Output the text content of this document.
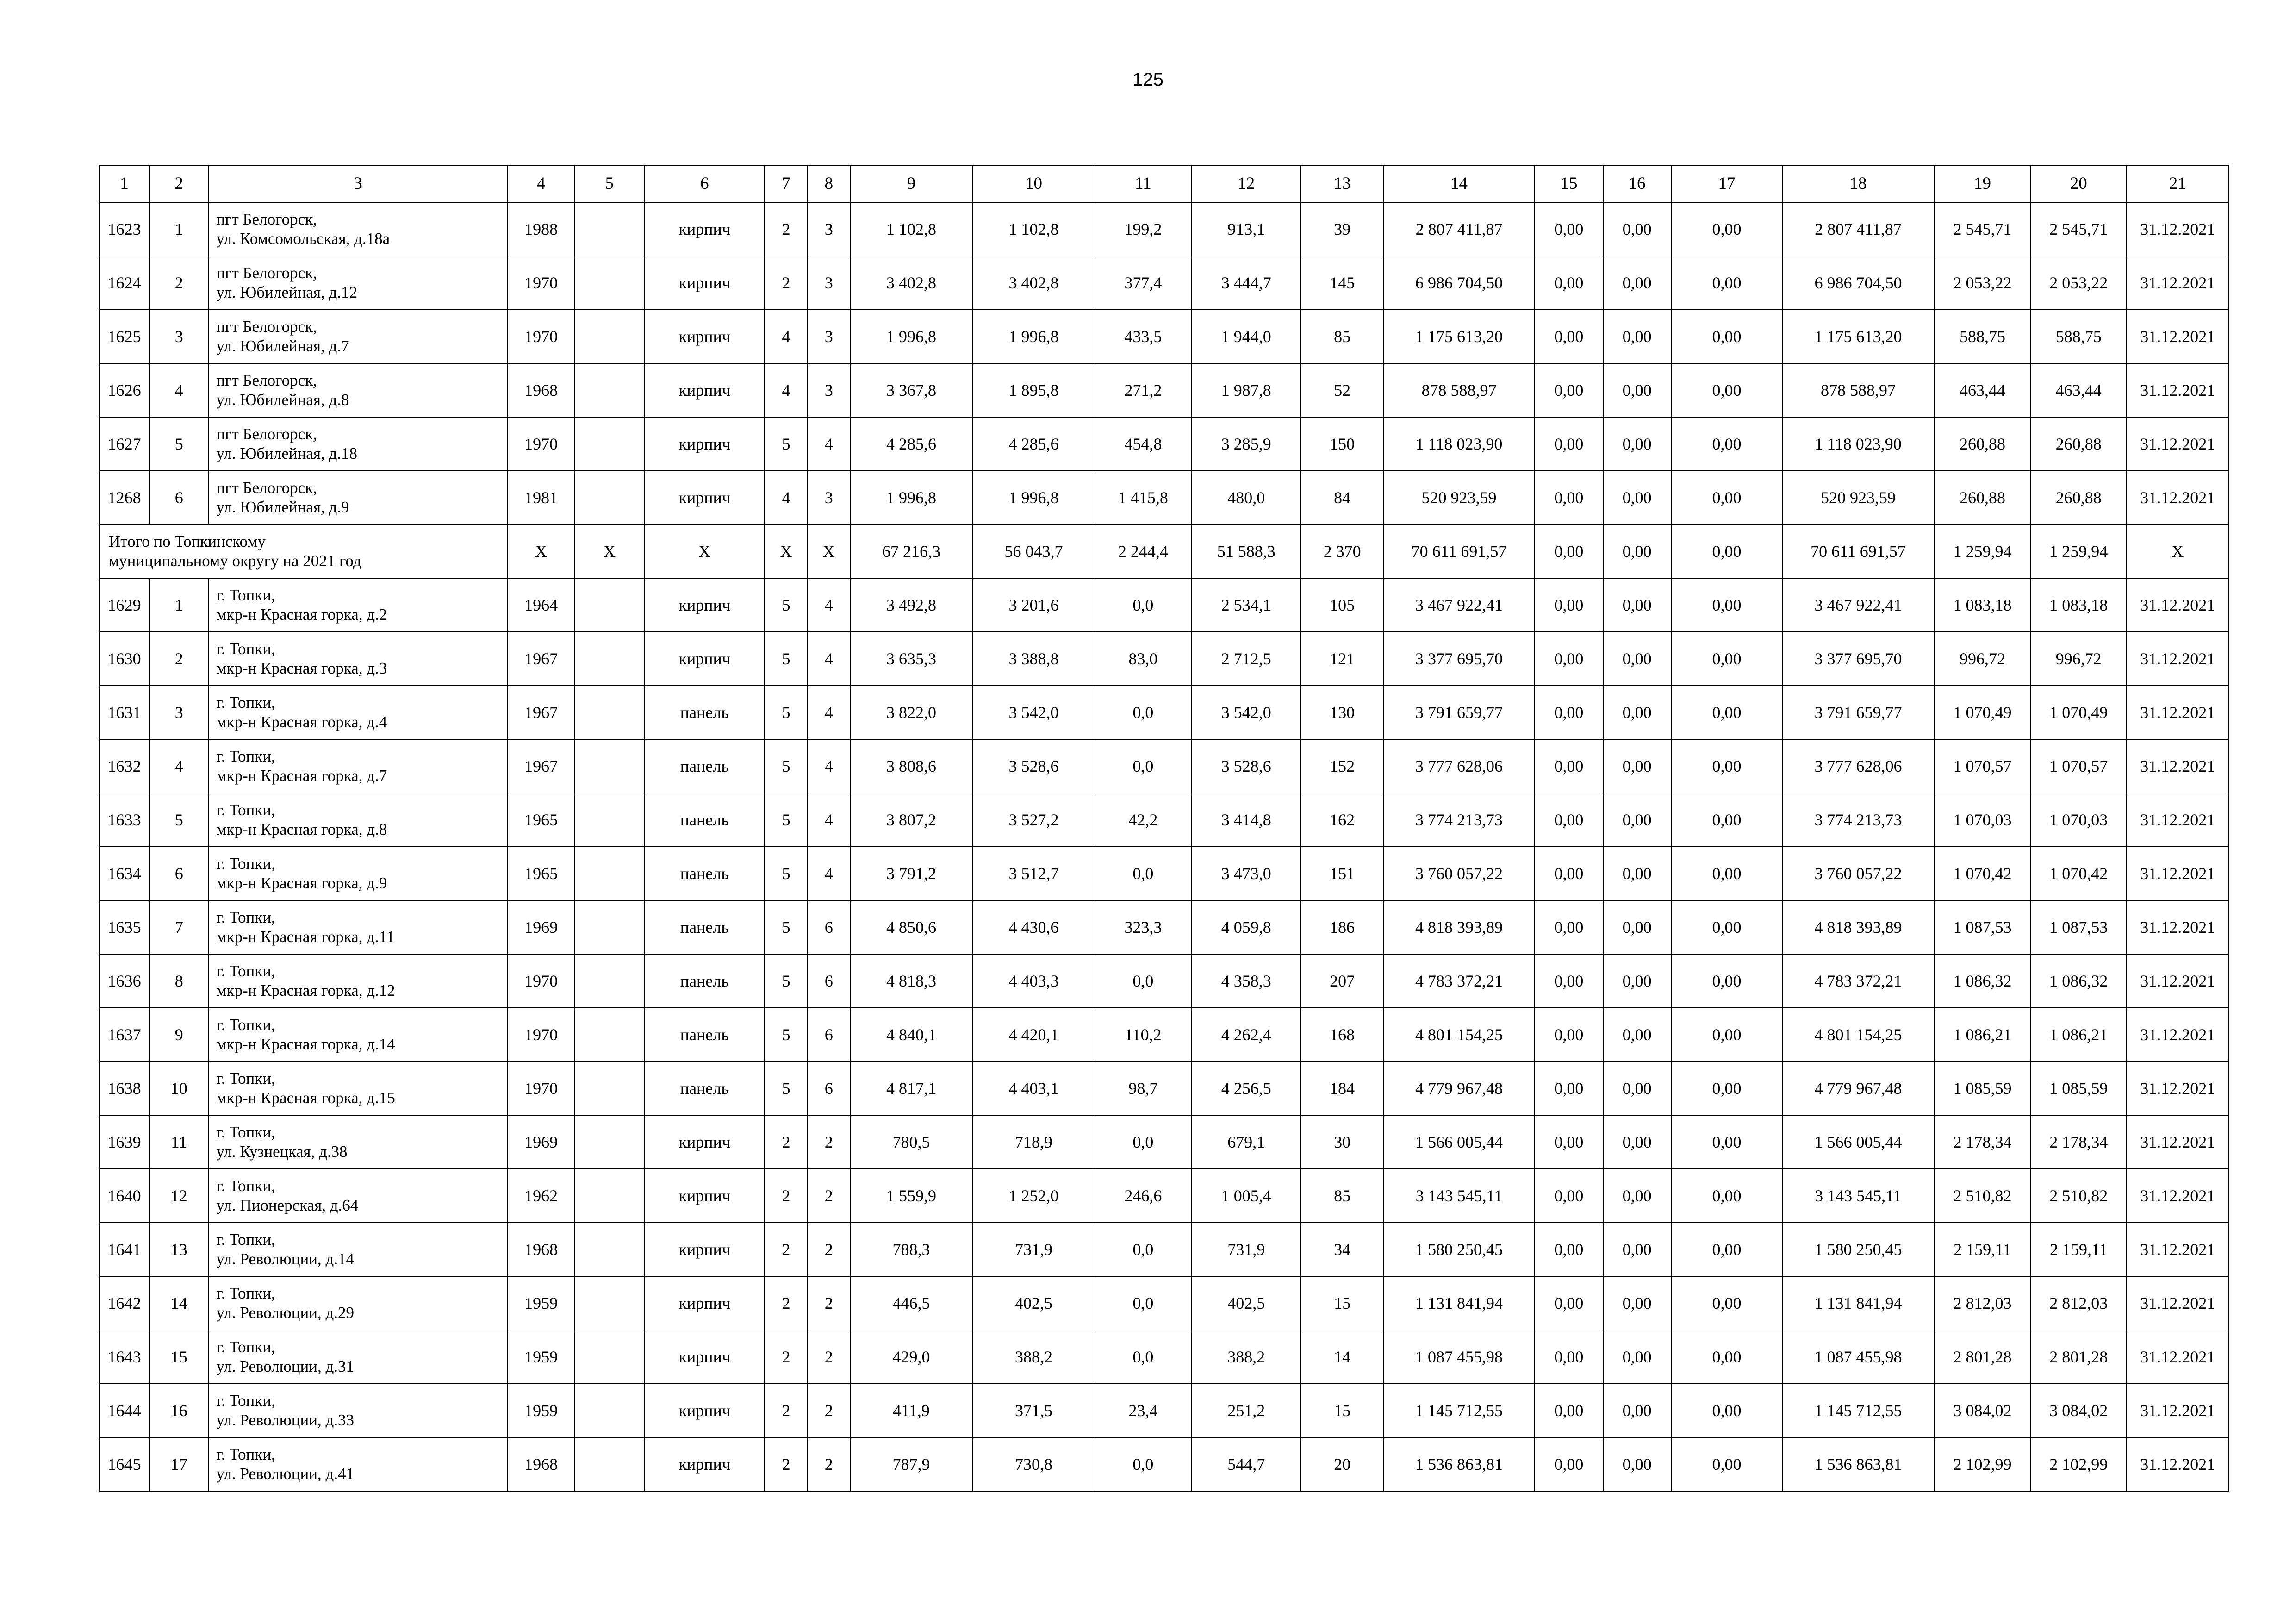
125
1	2	3	4	5	6	7	8	9	10	11	12	13	14	15	16	17	18	19	20	21
1623	1	пгт Белогорск,
ул. Комсомольская, д.18а	1988		кирпич	2	3	1 102,8	1 102,8	199,2	913,1	39	2 807 411,87	0,00	0,00	0,00	2 807 411,87	2 545,71	2 545,71	31.12.2021
1624	2	пгт Белогорск,
ул. Юбилейная, д.12	1970		кирпич	2	3	3 402,8	3 402,8	377,4	3 444,7	145	6 986 704,50	0,00	0,00	0,00	6 986 704,50	2 053,22	2 053,22	31.12.2021
1625	3	пгт Белогорск,
ул. Юбилейная, д.7	1970		кирпич	4	3	1 996,8	1 996,8	433,5	1 944,0	85	1 175 613,20	0,00	0,00	0,00	1 175 613,20	588,75	588,75	31.12.2021
1626	4	пгт Белогорск,
ул. Юбилейная, д.8	1968		кирпич	4	3	3 367,8	1 895,8	271,2	1 987,8	52	878 588,97	0,00	0,00	0,00	878 588,97	463,44	463,44	31.12.2021
1627	5	пгт Белогорск,
ул. Юбилейная, д.18	1970		кирпич	5	4	4 285,6	4 285,6	454,8	3 285,9	150	1 118 023,90	0,00	0,00	0,00	1 118 023,90	260,88	260,88	31.12.2021
1268	6	пгт Белогорск,
ул. Юбилейная, д.9	1981		кирпич	4	3	1 996,8	1 996,8	1 415,8	480,0	84	520 923,59	0,00	0,00	0,00	520 923,59	260,88	260,88	31.12.2021

Итого по Топкинскому
муниципальному округу на 2021 год			X	X	X	X	X	67 216,3	56 043,7	2 244,4	51 588,3	2 370	70 611 691,57	0,00	0,00	0,00	70 611 691,57	1 259,94	1 259,94	X
1629	1	г. Топки,
мкр-н Красная горка, д.2	1964		кирпич	5	4	3 492,8	3 201,6	0,0	2 534,1	105	3 467 922,41	0,00	0,00	0,00	3 467 922,41	1 083,18	1 083,18	31.12.2021
1630	2	г. Топки,
мкр-н Красная горка, д.3	1967		кирпич	5	4	3 635,3	3 388,8	83,0	2 712,5	121	3 377 695,70	0,00	0,00	0,00	3 377 695,70	996,72	996,72	31.12.2021
1631	3	г. Топки,
мкр-н Красная горка, д.4	1967		панель	5	4	3 822,0	3 542,0	0,0	3 542,0	130	3 791 659,77	0,00	0,00	0,00	3 791 659,77	1 070,49	1 070,49	31.12.2021
1632	4	г. Топки,
мкр-н Красная горка, д.7	1967		панель	5	4	3 808,6	3 528,6	0,0	3 528,6	152	3 777 628,06	0,00	0,00	0,00	3 777 628,06	1 070,57	1 070,57	31.12.2021
1633	5	г. Топки,
мкр-н Красная горка, д.8	1965		панель	5	4	3 807,2	3 527,2	42,2	3 414,8	162	3 774 213,73	0,00	0,00	0,00	3 774 213,73	1 070,03	1 070,03	31.12.2021
1634	6	г. Топки,
мкр-н Красная горка, д.9	1965		панель	5	4	3 791,2	3 512,7	0,0	3 473,0	151	3 760 057,22	0,00	0,00	0,00	3 760 057,22	1 070,42	1 070,42	31.12.2021
1635	7	г. Топки,
мкр-н Красная горка, д.11	1969		панель	5	6	4 850,6	4 430,6	323,3	4 059,8	186	4 818 393,89	0,00	0,00	0,00	4 818 393,89	1 087,53	1 087,53	31.12.2021
1636	8	г. Топки,
мкр-н Красная горка, д.12	1970		панель	5	6	4 818,3	4 403,3	0,0	4 358,3	207	4 783 372,21	0,00	0,00	0,00	4 783 372,21	1 086,32	1 086,32	31.12.2021
1637	9	г. Топки,
мкр-н Красная горка, д.14	1970		панель	5	6	4 840,1	4 420,1	110,2	4 262,4	168	4 801 154,25	0,00	0,00	0,00	4 801 154,25	1 086,21	1 086,21	31.12.2021
1638	10	г. Топки,
мкр-н Красная горка, д.15	1970		панель	5	6	4 817,1	4 403,1	98,7	4 256,5	184	4 779 967,48	0,00	0,00	0,00	4 779 967,48	1 085,59	1 085,59	31.12.2021
1639	11	г. Топки,
ул. Кузнецкая, д.38	1969		кирпич	2	2	780,5	718,9	0,0	679,1	30	1 566 005,44	0,00	0,00	0,00	1 566 005,44	2 178,34	2 178,34	31.12.2021
1640	12	г. Топки,
ул. Пионерская, д.64	1962		кирпич	2	2	1 559,9	1 252,0	246,6	1 005,4	85	3 143 545,11	0,00	0,00	0,00	3 143 545,11	2 510,82	2 510,82	31.12.2021
1641	13	г. Топки,
ул. Революции, д.14	1968		кирпич	2	2	788,3	731,9	0,0	731,9	34	1 580 250,45	0,00	0,00	0,00	1 580 250,45	2 159,11	2 159,11	31.12.2021
1642	14	г. Топки,
ул. Революции, д.29	1959		кирпич	2	2	446,5	402,5	0,0	402,5	15	1 131 841,94	0,00	0,00	0,00	1 131 841,94	2 812,03	2 812,03	31.12.2021
1643	15	г. Топки,
ул. Революции, д.31	1959		кирпич	2	2	429,0	388,2	0,0	388,2	14	1 087 455,98	0,00	0,00	0,00	1 087 455,98	2 801,28	2 801,28	31.12.2021
1644	16	г. Топки,
ул. Революции, д.33	1959		кирпич	2	2	411,9	371,5	23,4	251,2	15	1 145 712,55	0,00	0,00	0,00	1 145 712,55	3 084,02	3 084,02	31.12.2021
1645	17	г. Топки,
ул. Революции, д.41	1968		кирпич	2	2	787,9	730,8	0,0	544,7	20	1 536 863,81	0,00	0,00	0,00	1 536 863,81	2 102,99	2 102,99	31.12.2021
